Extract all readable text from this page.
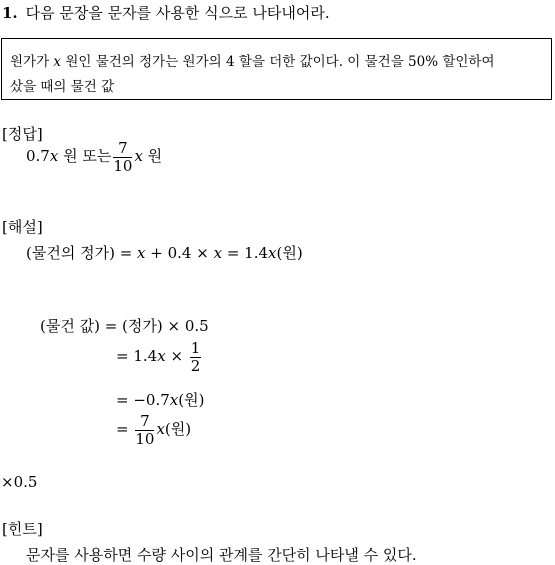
1. 다음 문장을 문자를 사용한 식으로 나타내어라.
원가가 x 원인 물건의 정가는 원가의 4 할을 더한 값이다. 이 물건을 50% 할인하여
샀을 때의 물건 값
[정답]
0.7x 원 또는 $\frac{7}{10}$ x 원
[해설]
(물건의 정가) = x + 0.4 × x = 1.4x(원)
(물건 값) = (정가) × 0.5
= $1.4x \times \frac{1}{2}$
= −0.7x(원)
= $\frac{7}{10} x$(원)
×0.5
[힌트]
문자를 사용하면 수량 사이의 관계를 간단히 나타낼 수 있다.
